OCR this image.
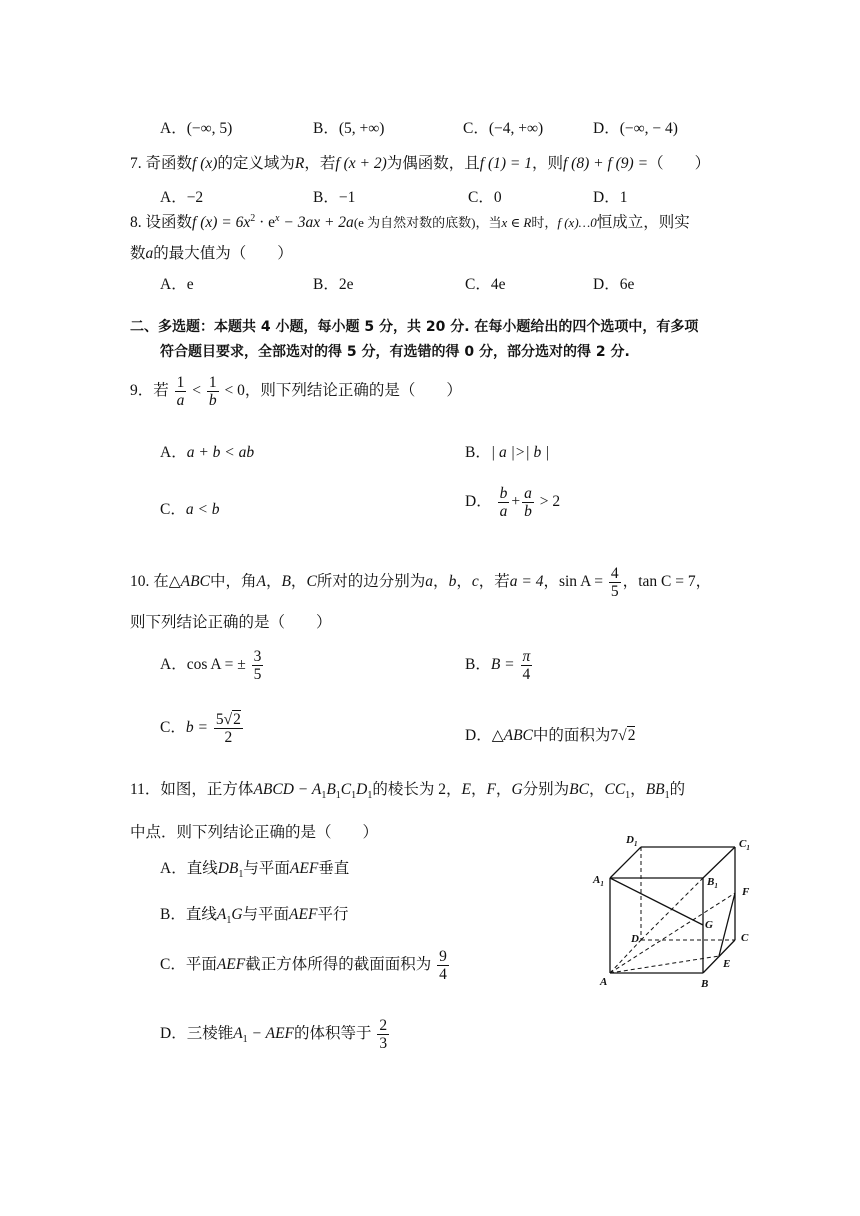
A．(−∞, 5)	B．(5, +∞)	C．(−4, +∞)	D．(−∞, − 4)
7. 奇函数f (x)的定义域为R，若f (x + 2)为偶函数，且f (1) = 1，则f (8) + f (9) =（　　）
A．−2	B．−1	C．0	D．1
8. 设函数f $(x) = 6x^2 \cdot e^x - 3ax + 2a(e$ 为自然对数的底数)，当x ∈ R时，f (x)…0恒成立，则实
数a的最大值为（　　）
A．e	B．2e	C．4e	D．6e
二、多选题：本题共 4 小题，每小题 5 分，共 20 分. 在每小题给出的四个选项中，有多项
符合题目要求，全部选对的得 5 分，有选错的得 0 分，部分选对的得 2 分.
9．若 $\frac{1}{a} < \frac{1}{b} < 0$，则下列结论正确的是（　　）
A．a + b < ab	B．| a |>| b |
C．a < b	D． $\frac{b}{a} + \frac{a}{b} > 2$
10. 在△ABC中，角A，B，C所对的边分别为a，b，c，若a = 4，$\sin A = \frac{4}{5}$ ，tan C = 7，
则下列结论正确的是（　　）
A．cos A = ± $\frac{3}{5}$	B．$B = \frac{\pi}{4}$
C．$b = \frac{5√2}{2}$	D．△ABC中的面积为7√2
11．如图，正方体ABCD − $A_1B_1C_1D_1$的棱长为 2，E，F，G分别为BC，$CC_1$，$BB_1$的
中点．则下列结论正确的是（　　）
A．直线$DB_1$与平面AEF垂直
B．直线$A_1G$与平面AEF平行
C．平面AEF截正方体所得的截面面积为 $\frac{9}{4}$
D．三棱锥$A_1$ − AEF的体积等于 $\frac{2}{3}$
$D_1$	$C_1$
$A_1$	$B_1$ F
G
D	C
E
A	B
